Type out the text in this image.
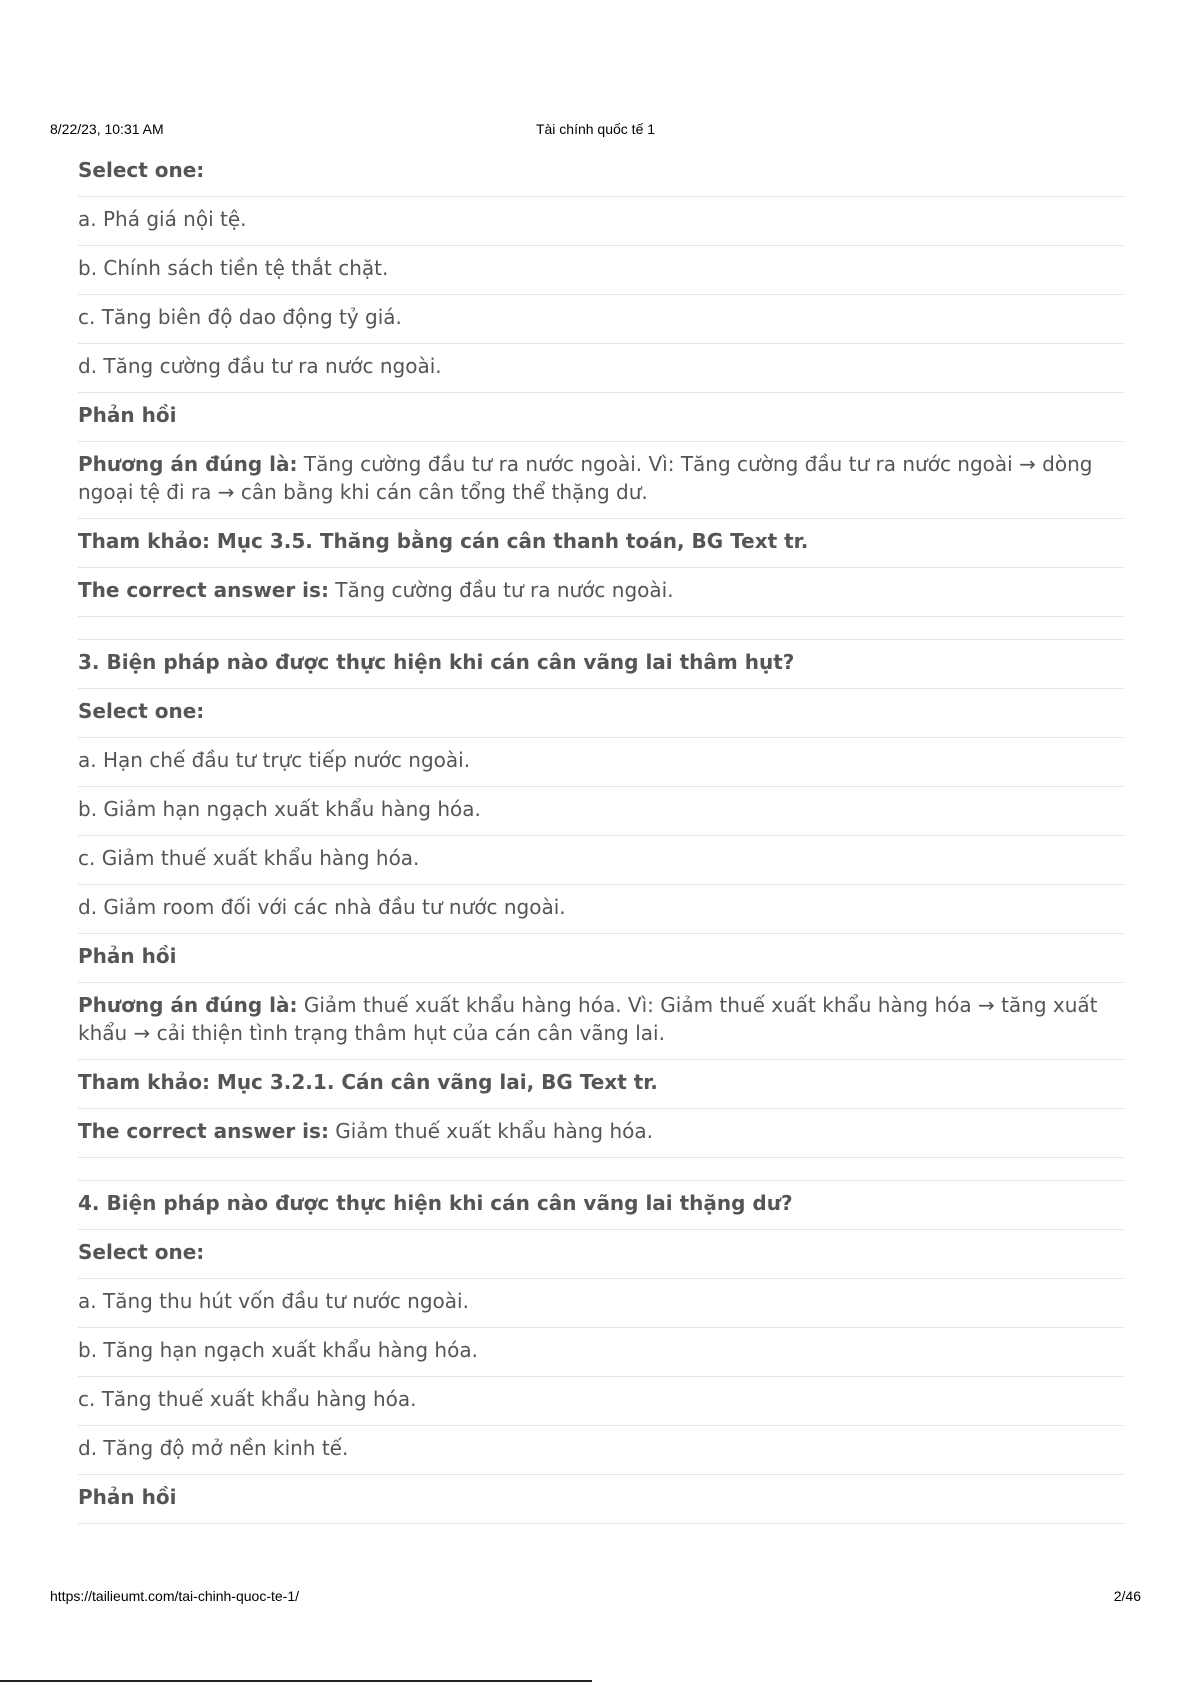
8/22/23, 10:31 AM	Tài chính quốc tế 1
Select one:
a. Phá giá nội tệ.
b. Chính sách tiền tệ thắt chặt.
c. Tăng biên độ dao động tỷ giá.
d. Tăng cường đầu tư ra nước ngoài.
Phản hồi
Phương án đúng là: Tăng cường đầu tư ra nước ngoài. Vì: Tăng cường đầu tư ra nước ngoài → dòng ngoại tệ đi ra → cân bằng khi cán cân tổng thể thặng dư.
Tham khảo: Mục 3.5. Thăng bằng cán cân thanh toán, BG Text tr.
The correct answer is: Tăng cường đầu tư ra nước ngoài.
3. Biện pháp nào được thực hiện khi cán cân vãng lai thâm hụt?
Select one:
a. Hạn chế đầu tư trực tiếp nước ngoài.
b. Giảm hạn ngạch xuất khẩu hàng hóa.
c. Giảm thuế xuất khẩu hàng hóa.
d. Giảm room đối với các nhà đầu tư nước ngoài.
Phản hồi
Phương án đúng là: Giảm thuế xuất khẩu hàng hóa. Vì: Giảm thuế xuất khẩu hàng hóa → tăng xuất khẩu → cải thiện tình trạng thâm hụt của cán cân vãng lai.
Tham khảo: Mục 3.2.1. Cán cân vãng lai, BG Text tr.
The correct answer is: Giảm thuế xuất khẩu hàng hóa.
4. Biện pháp nào được thực hiện khi cán cân vãng lai thặng dư?
Select one:
a. Tăng thu hút vốn đầu tư nước ngoài.
b. Tăng hạn ngạch xuất khẩu hàng hóa.
c. Tăng thuế xuất khẩu hàng hóa.
d. Tăng độ mở nền kinh tế.
Phản hồi
https://tailieumt.com/tai-chinh-quoc-te-1/	2/46
